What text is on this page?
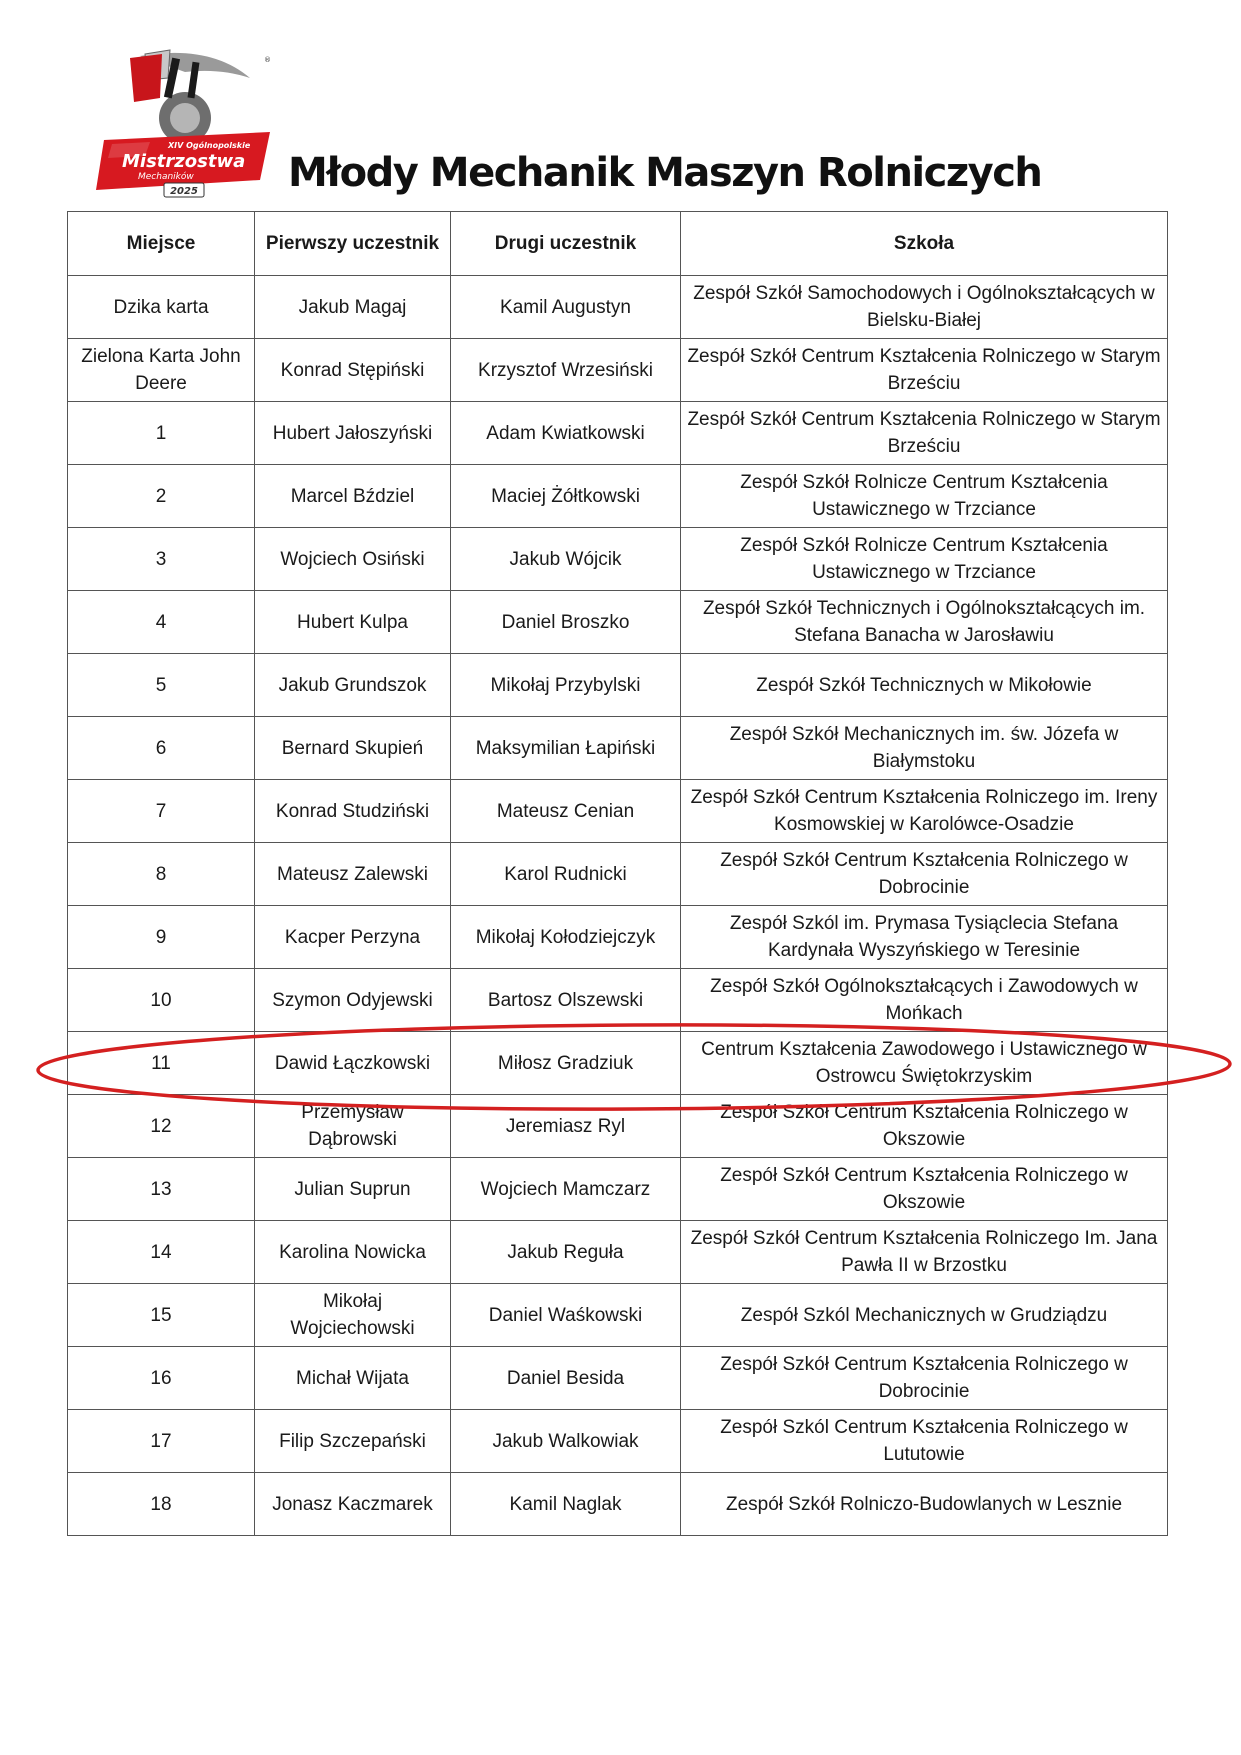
XIV Ogólnopolskie
Mistrzostwa
Mechaników
2025
®
Młody Mechanik Maszyn Rolniczych
Miejsce	Pierwszy uczestnik	Drugi uczestnik	Szkoła
Dzika karta	Jakub Magaj	Kamil Augustyn	Zespół Szkół Samochodowych i Ogólnokształcących w Bielsku-Białej
Zielona Karta John Deere	Konrad Stępiński	Krzysztof Wrzesiński	Zespół Szkół Centrum Kształcenia Rolniczego w Starym Brześciu
1	Hubert Jałoszyński	Adam Kwiatkowski	Zespół Szkół Centrum Kształcenia Rolniczego w Starym Brześciu
2	Marcel Bździel	Maciej Żółtkowski	Zespół Szkół Rolnicze Centrum Kształcenia Ustawicznego w Trzciance
3	Wojciech Osiński	Jakub Wójcik	Zespół Szkół Rolnicze Centrum Kształcenia Ustawicznego w Trzciance
4	Hubert Kulpa	Daniel Broszko	Zespół Szkół Technicznych i Ogólnokształcących im. Stefana Banacha w Jarosławiu
5	Jakub Grundszok	Mikołaj Przybylski	Zespół Szkół Technicznych w Mikołowie
6	Bernard Skupień	Maksymilian Łapiński	Zespół Szkół Mechanicznych im. św. Józefa w Białymstoku
7	Konrad Studziński	Mateusz Cenian	Zespół Szkół Centrum Kształcenia Rolniczego im. Ireny Kosmowskiej w Karolówce-Osadzie
8	Mateusz Zalewski	Karol Rudnicki	Zespół Szkół Centrum Kształcenia Rolniczego w Dobrocinie
9	Kacper Perzyna	Mikołaj Kołodziejczyk	Zespół Szkól im. Prymasa Tysiąclecia Stefana Kardynała Wyszyńskiego w Teresinie
10	Szymon Odyjewski	Bartosz Olszewski	Zespół Szkół Ogólnokształcących i Zawodowych w Mońkach
11	Dawid Łączkowski	Miłosz Gradziuk	Centrum Kształcenia Zawodowego i Ustawicznego w Ostrowcu Świętokrzyskim
12	Przemysław Dąbrowski	Jeremiasz Ryl	Zespół Szkół Centrum Kształcenia Rolniczego w Okszowie
13	Julian Suprun	Wojciech Mamczarz	Zespół Szkół Centrum Kształcenia Rolniczego w Okszowie
14	Karolina Nowicka	Jakub Reguła	Zespół Szkół Centrum Kształcenia Rolniczego Im. Jana Pawła II w Brzostku
15	Mikołaj Wojciechowski	Daniel Waśkowski	Zespół Szkól Mechanicznych w Grudziądzu
16	Michał Wijata	Daniel Besida	Zespół Szkół Centrum Kształcenia Rolniczego w Dobrocinie
17	Filip Szczepański	Jakub Walkowiak	Zespół Szkól Centrum Kształcenia Rolniczego w Lututowie
18	Jonasz Kaczmarek	Kamil Naglak	Zespół Szkół Rolniczo-Budowlanych w Lesznie
